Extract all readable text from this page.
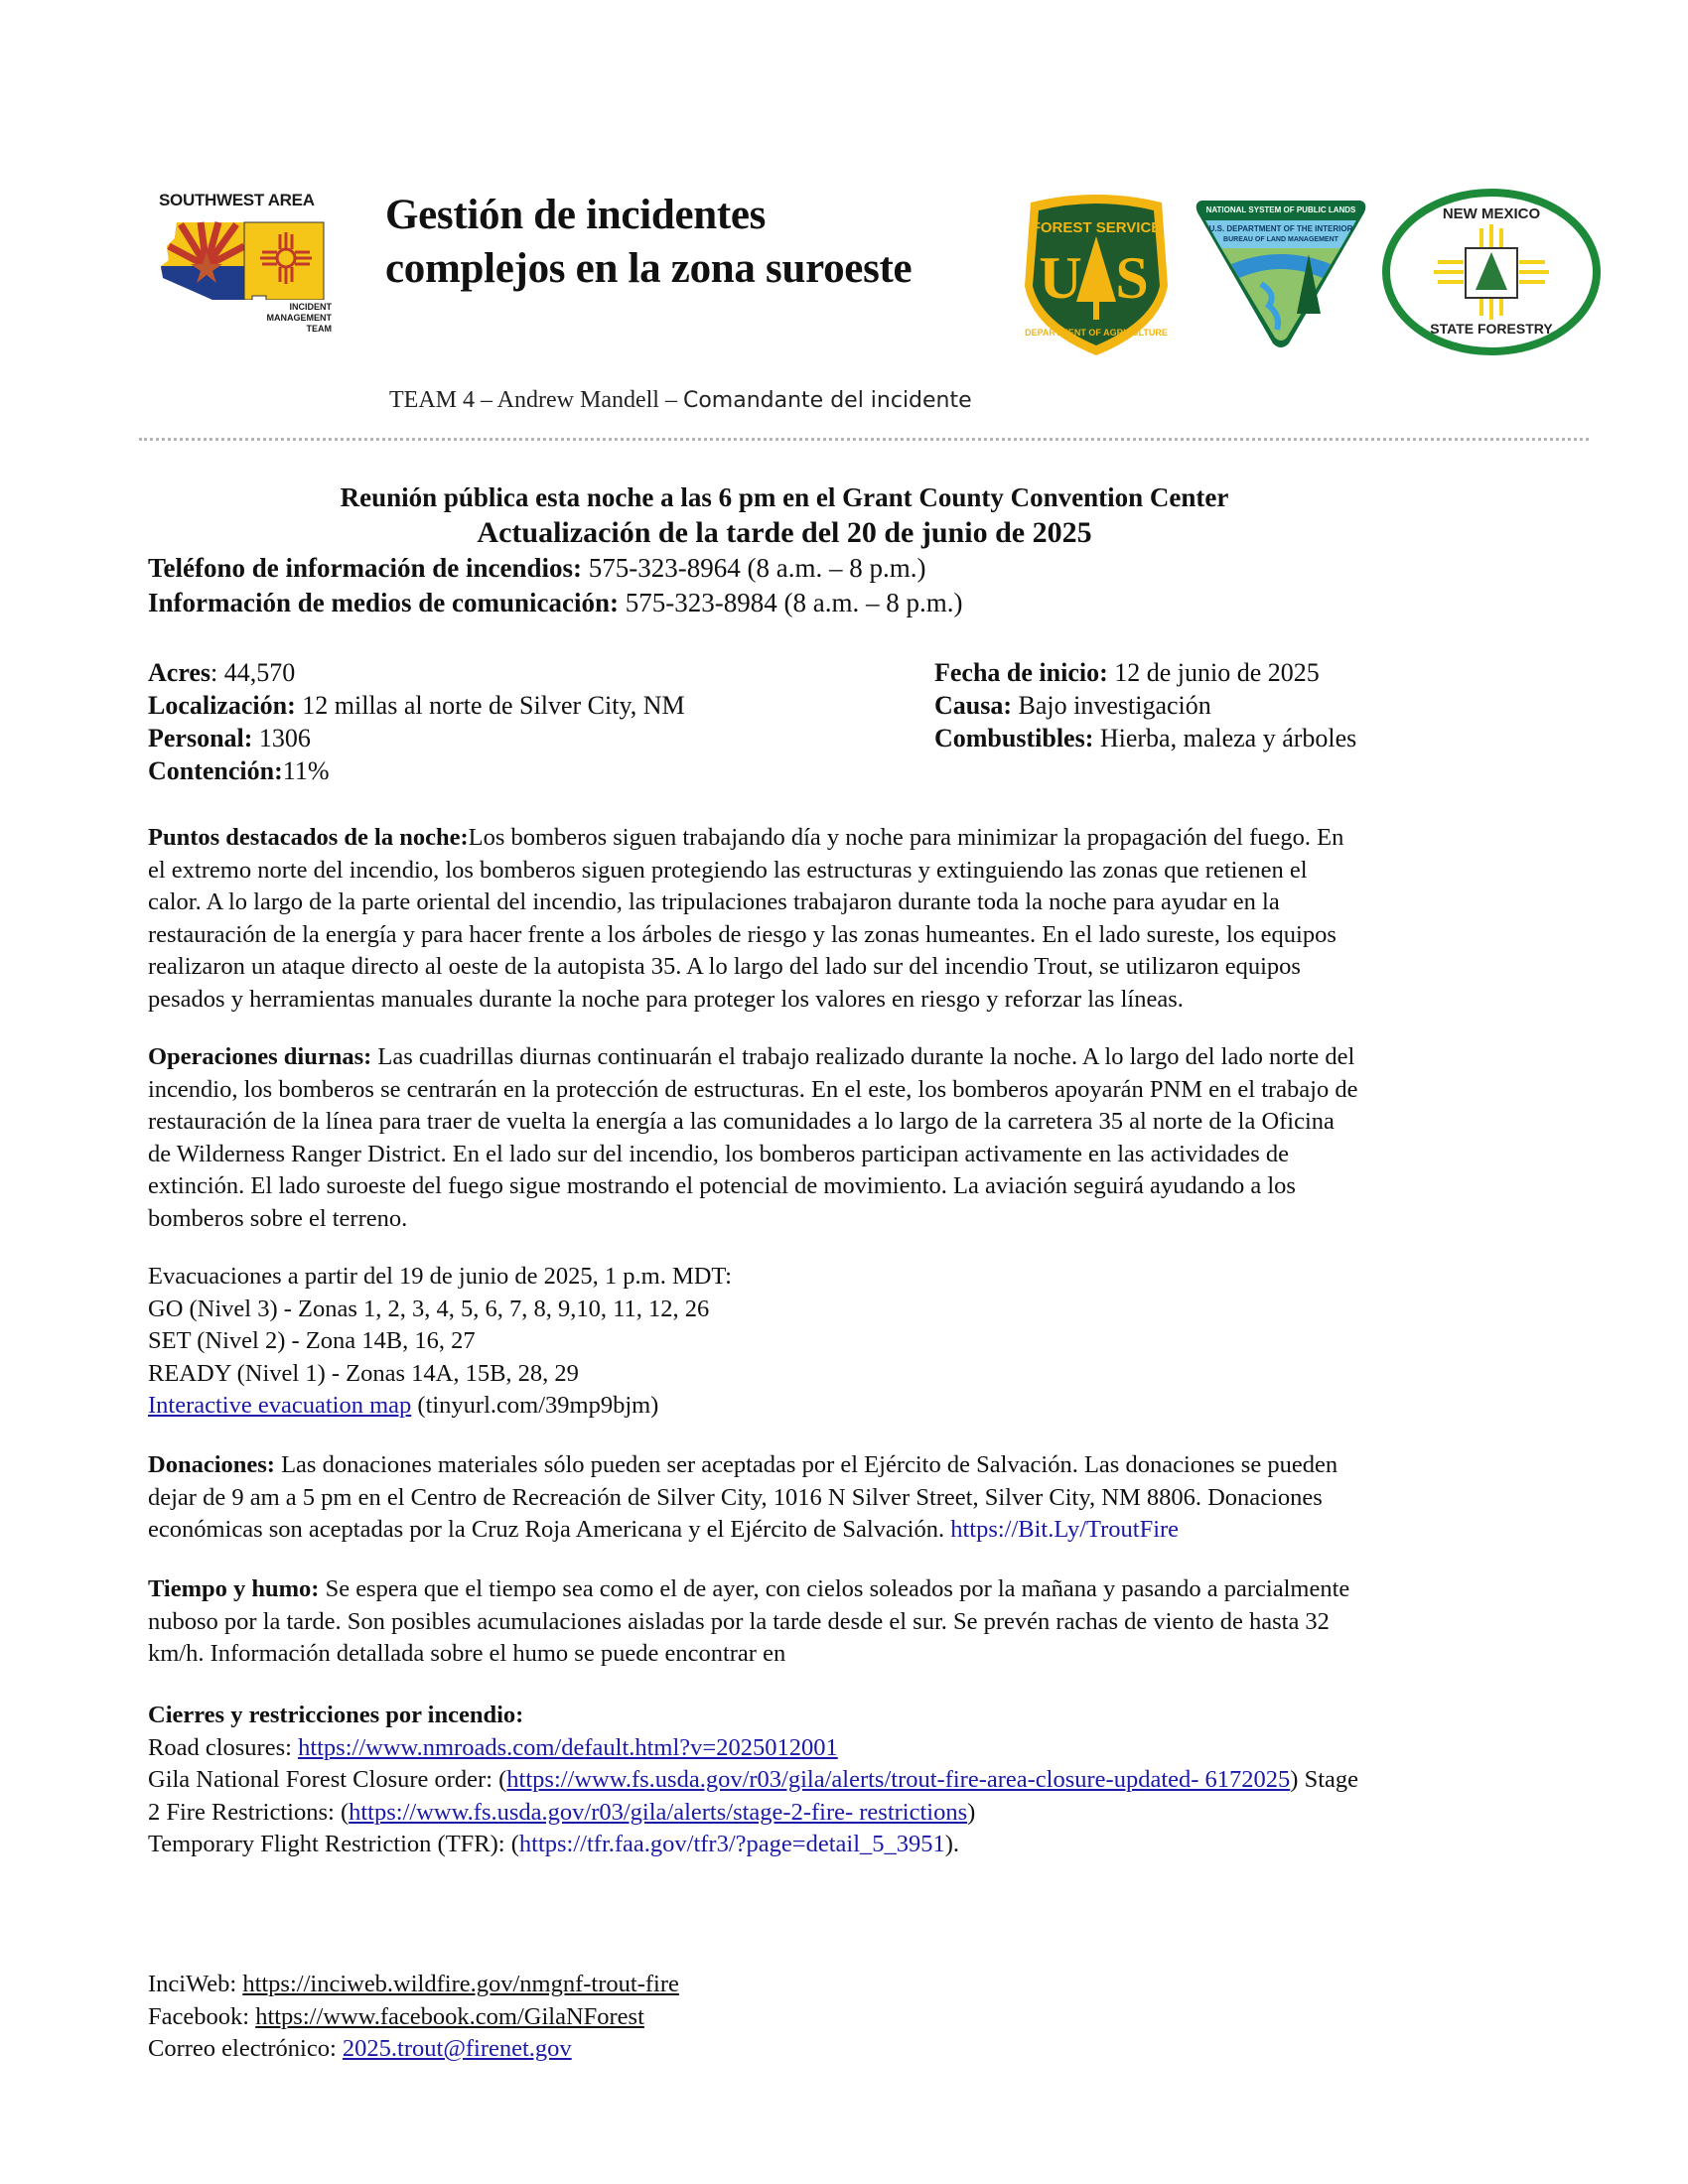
SOUTHWEST AREA
INCIDENT
MANAGEMENT
TEAM
Gestión de incidentes
complejos en la zona suroeste
FOREST SERVICE
U S
DEPARTMENT OF AGRICULTURE
NATIONAL SYSTEM OF PUBLIC LANDS
U.S. DEPARTMENT OF THE INTERIOR
BUREAU OF LAND MANAGEMENT
NEW MEXICO
STATE FORESTRY
TEAM 4 – Andrew Mandell – Comandante del incidente
Reunión pública esta noche a las 6 pm en el Grant County Convention Center
Actualización de la tarde del 20 de junio de 2025
Teléfono de información de incendios: 575-323-8964 (8 a.m. – 8 p.m.)
Información de medios de comunicación: 575-323-8984 (8 a.m. – 8 p.m.)
Acres: 44,570
Localización: 12 millas al norte de Silver City, NM
Personal: 1306
Contención:11%
Fecha de inicio: 12 de junio de 2025
Causa: Bajo investigación
Combustibles: Hierba, maleza y árboles
Puntos destacados de la noche:Los bomberos siguen trabajando día y noche para minimizar la propagación del fuego. En
el extremo norte del incendio, los bomberos siguen protegiendo las estructuras y extinguiendo las zonas que retienen el
calor. A lo largo de la parte oriental del incendio, las tripulaciones trabajaron durante toda la noche para ayudar en la
restauración de la energía y para hacer frente a los árboles de riesgo y las zonas humeantes. En el lado sureste, los equipos
realizaron un ataque directo al oeste de la autopista 35. A lo largo del lado sur del incendio Trout, se utilizaron equipos
pesados y herramientas manuales durante la noche para proteger los valores en riesgo y reforzar las líneas.
Operaciones diurnas: Las cuadrillas diurnas continuarán el trabajo realizado durante la noche. A lo largo del lado norte del
incendio, los bomberos se centrarán en la protección de estructuras. En el este, los bomberos apoyarán PNM en el trabajo de
restauración de la línea para traer de vuelta la energía a las comunidades a lo largo de la carretera 35 al norte de la Oficina
de Wilderness Ranger District. En el lado sur del incendio, los bomberos participan activamente en las actividades de
extinción. El lado suroeste del fuego sigue mostrando el potencial de movimiento. La aviación seguirá ayudando a los
bomberos sobre el terreno.
Evacuaciones a partir del 19 de junio de 2025, 1 p.m. MDT:
GO (Nivel 3) - Zonas 1, 2, 3, 4, 5, 6, 7, 8, 9,10, 11, 12, 26
SET (Nivel 2) - Zona 14B, 16, 27
READY (Nivel 1) - Zonas 14A, 15B, 28, 29
Interactive evacuation map (tinyurl.com/39mp9bjm)
Donaciones: Las donaciones materiales sólo pueden ser aceptadas por el Ejército de Salvación. Las donaciones se pueden
dejar de 9 am a 5 pm en el Centro de Recreación de Silver City, 1016 N Silver Street, Silver City, NM 8806. Donaciones
económicas son aceptadas por la Cruz Roja Americana y el Ejército de Salvación. https://Bit.Ly/TroutFire
Tiempo y humo: Se espera que el tiempo sea como el de ayer, con cielos soleados por la mañana y pasando a parcialmente
nuboso por la tarde. Son posibles acumulaciones aisladas por la tarde desde el sur. Se prevén rachas de viento de hasta 32
km/h. Información detallada sobre el humo se puede encontrar en
Cierres y restricciones por incendio:
Road closures: https://www.nmroads.com/default.html?v=2025012001
Gila National Forest Closure order: (https://www.fs.usda.gov/r03/gila/alerts/trout-fire-area-closure-updated- 6172025) Stage
2 Fire Restrictions: (https://www.fs.usda.gov/r03/gila/alerts/stage-2-fire- restrictions)
Temporary Flight Restriction (TFR): (https://tfr.faa.gov/tfr3/?page=detail_5_3951).
InciWeb: https://inciweb.wildfire.gov/nmgnf-trout-fire
Facebook: https://www.facebook.com/GilaNForest
Correo electrónico: 2025.trout@firenet.gov
